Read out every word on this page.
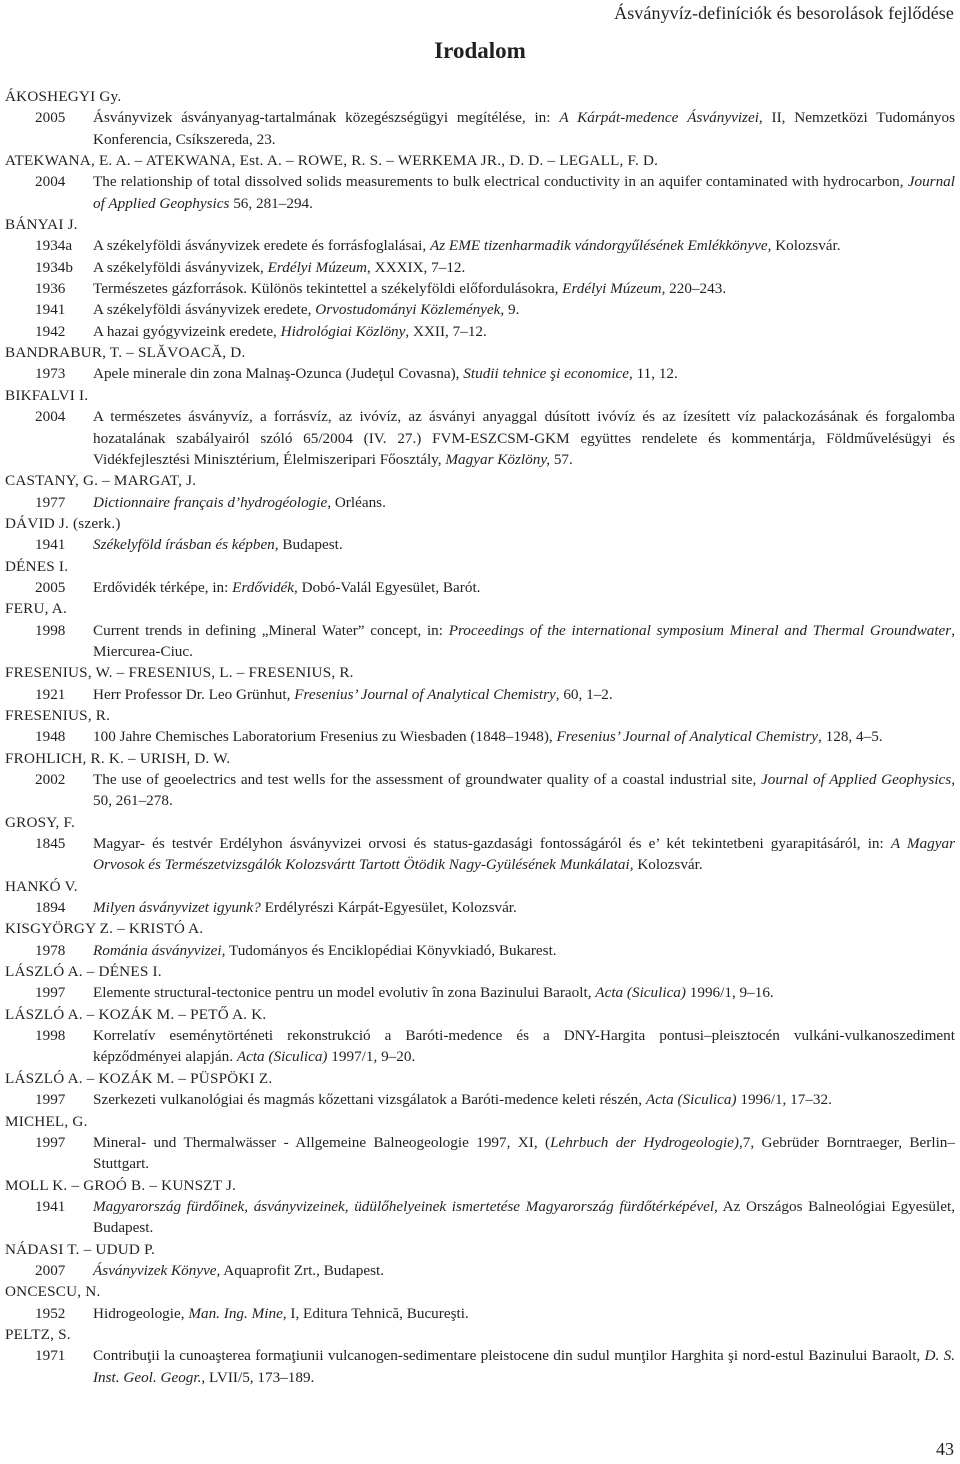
Ásványvíz-definíciók és besorolások fejlődése
Irodalom
ÁKOSHEGYI Gy.
2005	Ásványvizek ásványanyag-tartalmának közegészségügyi megítélése, in: A Kárpát-medence Ásványvizei, II, Nemzetközi Tudományos Konferencia, Csíkszereda, 23.
ATEKWANA, E. A. – ATEKWANA, Est. A. – ROWE, R. S. – WERKEMA JR., D. D. – LEGALL, F. D.
2004	The relationship of total dissolved solids measurements to bulk electrical conductivity in an aquifer contaminated with hydrocarbon, Journal of Applied Geophysics 56, 281–294.
BÁNYAI J.
1934a	A székelyföldi ásványvizek eredete és forrásfoglalásai, Az EME tizenharmadik vándorgyűlésének Emlékkönyve, Kolozsvár.
1934b	A székelyföldi ásványvizek, Erdélyi Múzeum, XXXIX, 7–12.
1936	Természetes gázforrások. Különös tekintettel a székelyföldi előfordulásokra, Erdélyi Múzeum, 220–243.
1941	A székelyföldi ásványvizek eredete, Orvostudományi Közlemények, 9.
1942	A hazai gyógyvizeink eredete, Hidrológiai Közlöny, XXII, 7–12.
BANDRABUR, T. – SLĂVOACĂ, D.
1973	Apele minerale din zona Malnaş-Ozunca (Judeţul Covasna), Studii tehnice şi economice, 11, 12.
BIKFALVI I.
2004	A természetes ásványvíz, a forrásvíz, az ivóvíz, az ásványi anyaggal dúsított ivóvíz és az ízesített víz palackozásának és forgalomba hozatalának szabályairól szóló 65/2004 (IV. 27.) FVM-ESZCSM-GKM együttes rendelete és kommentárja, Földművelésügyi és Vidékfejlesztési Minisztérium, Élelmiszeripari Főosztály, Magyar Közlöny, 57.
CASTANY, G. – MARGAT, J.
1977	Dictionnaire français d’hydrogéologie, Orléans.
DÁVID J. (szerk.)
1941	Székelyföld írásban és képben, Budapest.
DÉNES I.
2005	Erdővidék térképe, in: Erdővidék, Dobó-Valál Egyesület, Barót.
FERU, A.
1998	Current trends in defining „Mineral Water” concept, in: Proceedings of the international symposium Mineral and Thermal Groundwater, Miercurea-Ciuc.
FRESENIUS, W. – FRESENIUS, L. – FRESENIUS, R.
1921	Herr Professor Dr. Leo Grünhut, Fresenius’ Journal of Analytical Chemistry, 60, 1–2.
FRESENIUS, R.
1948	100 Jahre Chemisches Laboratorium Fresenius zu Wiesbaden (1848–1948), Fresenius’ Journal of Analytical Chemistry, 128, 4–5.
FROHLICH, R. K. – URISH, D. W.
2002	The use of geoelectrics and test wells for the assessment of groundwater quality of a coastal industrial site, Journal of Applied Geophysics, 50, 261–278.
GROSY, F.
1845	Magyar- és testvér Erdélyhon ásványvizei orvosi és status-gazdasági fontosságáról és e’ két tekintetbeni gyarapitásáról, in: A Magyar Orvosok és Természetvizsgálók Kolozsvártt Tartott Ötödik Nagy-Gyülésének Munkálatai, Kolozsvár.
HANKÓ V.
1894	Milyen ásványvizet igyunk? Erdélyrészi Kárpát-Egyesület, Kolozsvár.
KISGYÖRGY Z. – KRISTÓ A.
1978	Románia ásványvizei, Tudományos és Enciklopédiai Könyvkiadó, Bukarest.
LÁSZLÓ A. – DÉNES I.
1997	Elemente structural-tectonice pentru un model evolutiv în zona Bazinului Baraolt, Acta (Siculica) 1996/1, 9–16.
LÁSZLÓ A. – KOZÁK M. – PETŐ A. K.
1998	Korrelatív eseménytörténeti rekonstrukció a Baróti-medence és a DNY-Hargita pontusi–pleisztocén vulkáni-vulkanoszediment képződményei alapján. Acta (Siculica) 1997/1, 9–20.
LÁSZLÓ A. – KOZÁK M. – PÜSPÖKI Z.
1997	Szerkezeti vulkanológiai és magmás kőzettani vizsgálatok a Baróti-medence keleti részén, Acta (Siculica) 1996/1, 17–32.
MICHEL, G.
1997	Mineral- und Thermalwässer - Allgemeine Balneogeologie 1997, XI, (Lehrbuch der Hydrogeologie),7, Gebrüder Borntraeger, Berlin–Stuttgart.
MOLL K. – GROÓ B. – KUNSZT J.
1941	Magyarország fürdőinek, ásványvizeinek, üdülőhelyeinek ismertetése Magyarország fürdőtérképével, Az Országos Balneológiai Egyesület, Budapest.
NÁDASI T. – UDUD P.
2007	Ásványvizek Könyve, Aquaprofit Zrt., Budapest.
ONCESCU, N.
1952	Hidrogeologie, Man. Ing. Mine, I, Editura Tehnică, Bucureşti.
PELTZ, S.
1971	Contribuţii la cunoaşterea formaţiunii vulcanogen-sedimentare pleistocene din sudul munţilor Harghita şi nord-estul Bazinului Baraolt, D. S. Inst. Geol. Geogr., LVII/5, 173–189.
43
